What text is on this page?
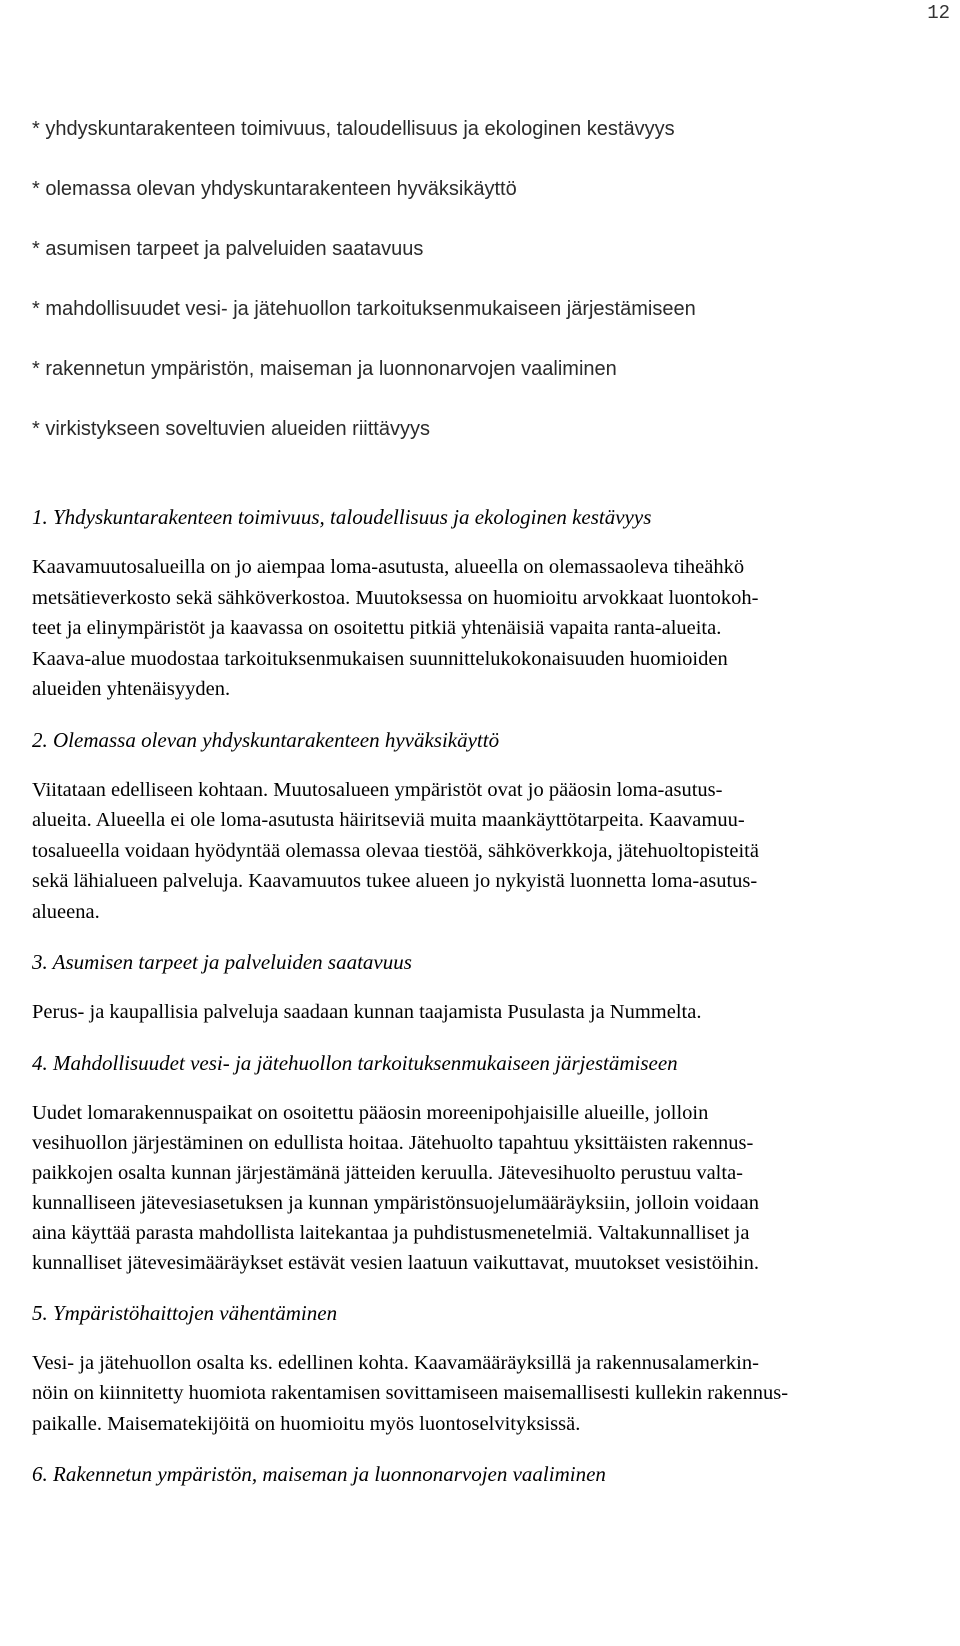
12
* yhdyskuntarakenteen toimivuus, taloudellisuus ja ekologinen kestävyys
* olemassa olevan yhdyskuntarakenteen hyväksikäyttö
* asumisen tarpeet ja palveluiden saatavuus
* mahdollisuudet vesi- ja jätehuollon tarkoituksenmukaiseen järjestämiseen
* rakennetun ympäristön, maiseman ja luonnonarvojen vaaliminen
* virkistykseen soveltuvien alueiden riittävyys
1. Yhdyskuntarakenteen toimivuus, taloudellisuus ja ekologinen kestävyys
Kaavamuutosalueilla on jo aiempaa loma-asutusta, alueella on olemassaoleva tiheähkö
metsätieverkosto sekä sähköverkostoa. Muutoksessa on huomioitu arvokkaat luontokoh-
teet ja elinympäristöt ja kaavassa on osoitettu pitkiä yhtenäisiä vapaita ranta-alueita.
Kaava-alue muodostaa tarkoituksenmukaisen suunnittelukokonaisuuden huomioiden
alueiden yhtenäisyyden.
2. Olemassa olevan yhdyskuntarakenteen hyväksikäyttö
Viitataan edelliseen kohtaan. Muutosalueen ympäristöt ovat jo pääosin loma-asutus-
alueita. Alueella ei ole loma-asutusta häiritseviä muita maankäyttötarpeita. Kaavamuu-
tosalueella voidaan hyödyntää olemassa olevaa tiestöä, sähköverkkoja, jätehuoltopisteitä
sekä lähialueen palveluja. Kaavamuutos tukee alueen jo nykyistä luonnetta loma-asutus-
alueena.
3. Asumisen tarpeet ja palveluiden saatavuus
Perus- ja kaupallisia palveluja saadaan kunnan taajamista Pusulasta ja Nummelta.
4. Mahdollisuudet vesi- ja jätehuollon tarkoituksenmukaiseen järjestämiseen
Uudet lomarakennuspaikat on osoitettu pääosin moreenipohjaisille alueille, jolloin
vesihuollon järjestäminen on edullista hoitaa. Jätehuolto tapahtuu yksittäisten rakennus-
paikkojen osalta kunnan järjestämänä jätteiden keruulla. Jätevesihuolto perustuu valta-
kunnalliseen jätevesiasetuksen ja kunnan ympäristönsuojelumääräyksiin, jolloin voidaan
aina käyttää parasta mahdollista laitekantaa ja puhdistusmenetelmiä. Valtakunnalliset ja
kunnalliset jätevesimääräykset estävät vesien laatuun vaikuttavat, muutokset vesistöihin.
5. Ympäristöhaittojen vähentäminen
Vesi- ja jätehuollon osalta ks. edellinen kohta. Kaavamääräyksillä ja rakennusalamerkin-
nöin on kiinnitetty huomiota rakentamisen sovittamiseen maisemallisesti kullekin rakennus-
paikalle. Maisematekijöitä on huomioitu myös luontoselvityksissä.
6. Rakennetun ympäristön, maiseman ja luonnonarvojen vaaliminen
